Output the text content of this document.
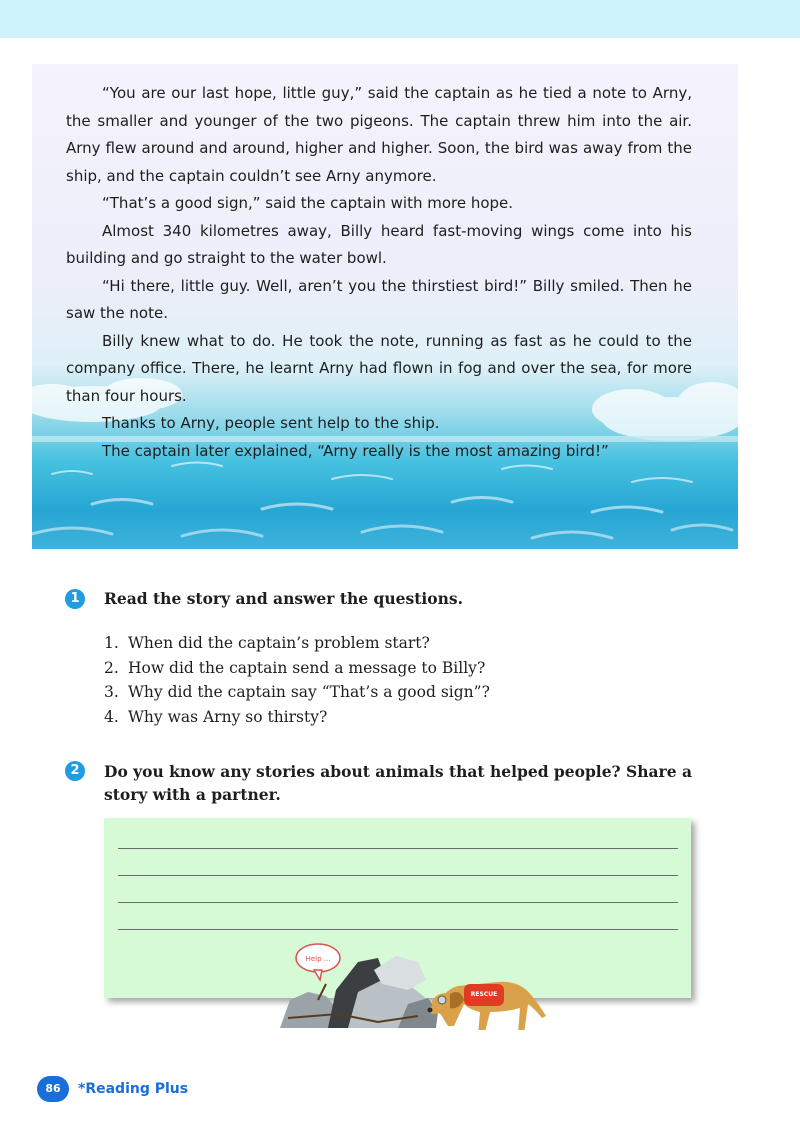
“You are our last hope, little guy,” said the captain as he tied a note to Arny, the smaller and younger of the two pigeons. The captain threw him into the air. Arny flew around and around, higher and higher. Soon, the bird was away from the ship, and the captain couldn’t see Arny anymore.

“That’s a good sign,” said the captain with more hope.

Almost 340 kilometres away, Billy heard fast-moving wings come into his building and go straight to the water bowl.

“Hi there, little guy. Well, aren’t you the thirstiest bird!” Billy smiled. Then he saw the note.

Billy knew what to do. He took the note, running as fast as he could to the company office. There, he learnt Arny had flown in fog and over the sea, for more than four hours.

Thanks to Arny, people sent help to the ship.

The captain later explained, “Arny really is the most amazing bird!”

1	Read the story and answer the questions.
1. When did the captain’s problem start?
2. How did the captain send a message to Billy?
3. Why did the captain say “That’s a good sign”?
4. Why was Arny so thirsty?
2	Do you know any stories about animals that helped people? Share a story with a partner.
Help ...
RESCUE
86	*Reading Plus
